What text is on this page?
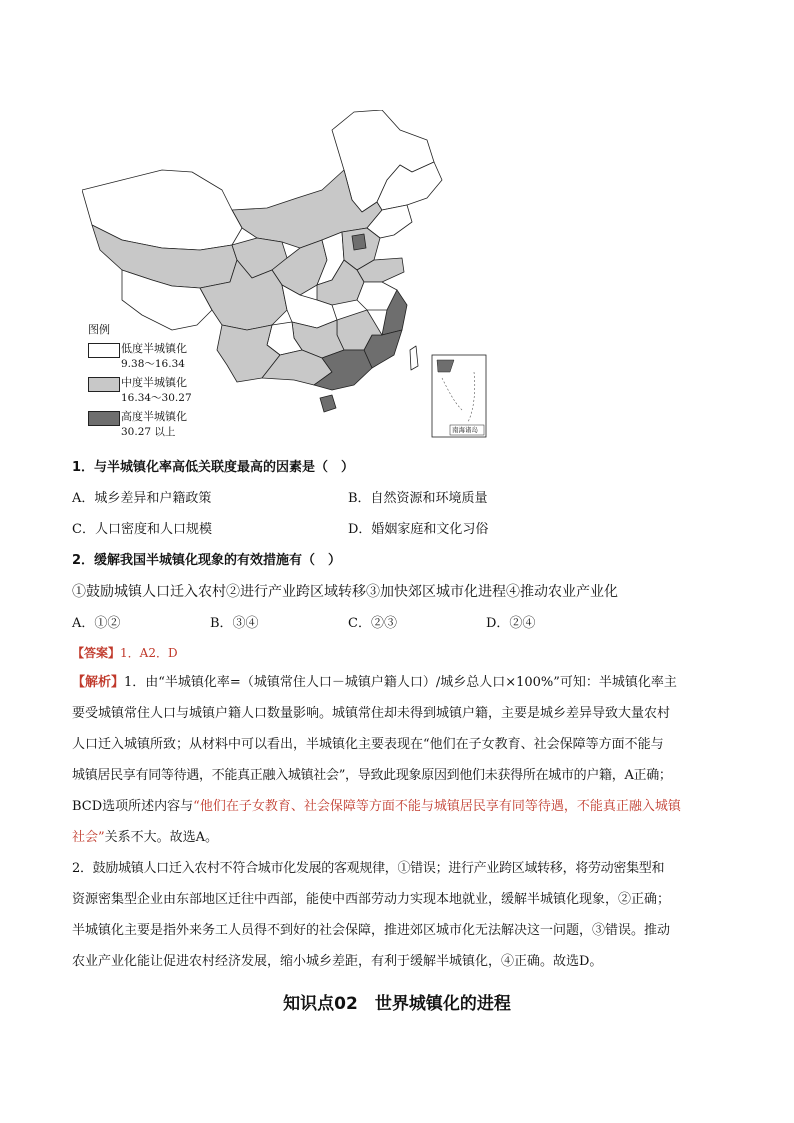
南海诸岛
图例
低度半城镇化
9.38～16.34
中度半城镇化
16.34～30.27
高度半城镇化
30.27 以上
1．与半城镇化率高低关联度最高的因素是（　）
A．城乡差异和户籍政策	B．自然资源和环境质量
C．人口密度和人口规模	D．婚姻家庭和文化习俗
2．缓解我国半城镇化现象的有效措施有（　）
①鼓励城镇人口迁入农村②进行产业跨区域转移③加快郊区城市化进程④推动农业产业化
A．①②	B．③④	C．②③	D．②④
【答案】1．A2．D

【解析】1．由“半城镇化率=（城镇常住人口－城镇户籍人口）/城乡总人口×100%”可知：半城镇化率主

要受城镇常住人口与城镇户籍人口数量影响。城镇常住却未得到城镇户籍，主要是城乡差异导致大量农村

人口迁入城镇所致；从材料中可以看出，半城镇化主要表现在“他们在子女教育、社会保障等方面不能与

城镇居民享有同等待遇，不能真正融入城镇社会”，导致此现象原因到他们未获得所在城市的户籍，A正确；

BCD选项所述内容与“他们在子女教育、社会保障等方面不能与城镇居民享有同等待遇，不能真正融入城镇

社会”关系不大。故选A。

2．鼓励城镇人口迁入农村不符合城市化发展的客观规律，①错误；进行产业跨区域转移，将劳动密集型和

资源密集型企业由东部地区迁往中西部，能使中西部劳动力实现本地就业，缓解半城镇化现象，②正确；

半城镇化主要是指外来务工人员得不到好的社会保障，推进郊区城市化无法解决这一问题，③错误。推动

农业产业化能让促进农村经济发展，缩小城乡差距，有利于缓解半城镇化，④正确。故选D。

知识点02　世界城镇化的进程
